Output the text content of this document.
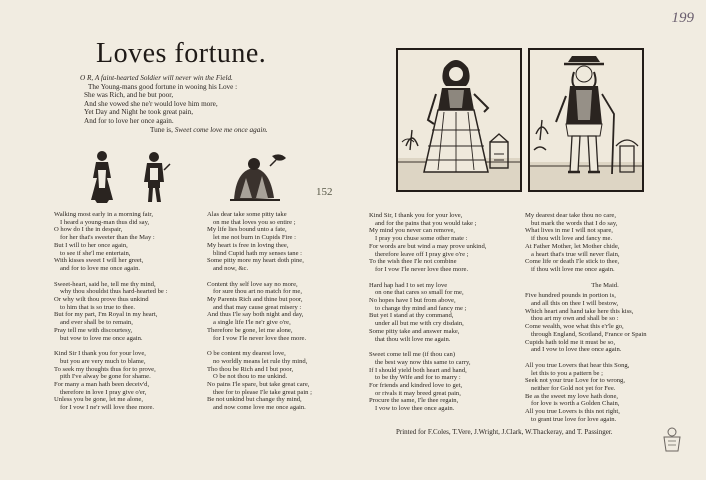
199
152
Loves fortune.
O R, A faint-hearted Soldier will never win the Field.
The Young-mans good fortune in wooing his Love :
She was Rich, and he but poor,
And she vowed she ne'r would love him more,
Yet Day and Night he took great pain,
And for to love her once again.
Tune is, Sweet come love me once again.
Walking most early in a morning fair,
I heard a young-man thus did say,
O how do I the in despair,
for her that's sweeter than the May :
But I will to her once again,
to see if she'l me entertain,
With kisses sweet I will her greet,
and for to love me once again.
Sweet-heart, said he, tell me thy mind,
why thou shouldst thus hard-hearted be :
Or why wilt thou prove thus unkind
to him that is so true to thee.
But for my part, I'm Royal in my heart,
and ever shall be to remain,
Pray tell me with discourtesy,
but vow to love me once again.
Kind Sir I thank you for your love,
but you are very much to blame,
To seek my thoughts thus for to prove,
pith I've alway be gone for shame.
For many a man hath been deceiv'd,
therefore in love I pray give o'er,
Unless you be gone, let me alone,
for I vow I ne'r will love thee more.
Alas dear take some pitty take
on me that loves you so entire ;
My life lies bound unto a fate,
let me not burn in Cupids Fire :
My heart is free in loving thee,
blind Cupid hath my senses tane :
Some pitty more my heart doth pine,
and now, &c.
Content thy self love say no more,
for sure thou art no match for me,
My Parents Rich and thine but poor,
and that may cause great misery :
And thus I'le say both night and day,
a single life I'le ne'r give o're,
Therefore be gone, let me alone,
for I vow I'le never love thee more.
O be content my dearest love,
no worldly means let rule thy mind,
Tho thou be Rich and I but poor,
O be not thou to me unkind.
No pains I'le spare, but take great care,
thee for to please I'le take great pain ;
Be not unkind but change thy mind,
and now come love me once again.
Kind Sir, I thank you for your love,
and for the pains that you would take ;
My mind you never can remove,
I pray you chuse some other mate :
For words are but wind a may prove unkind,
therefore leave off I pray give o're ;
To the wish thee I'le not combine
for I vow I'le never love thee more.
Hard hap had I to set my love
on one that cares so small for me,
No hopes have I but from above,
to change thy mind and fancy me ;
But yet I stand at thy command,
under all but me with cry disdain,
Some pitty take and answer make,
that thou wilt love me again.
Sweet come tell me (if thou can)
the best way now this same to carry,
If I should yield both heart and hand,
to be thy Wife and for to marry :
For friends and kindred love to get,
or rivals it may breed great pain,
Procure the same, I'le thee regain,
I vow to love thee once again.
My dearest dear take thou no care,
but mark the words that I do say,
What lives in me I will not spare,
if thou wilt love and fancy me.
At Father Mother, let Mother chide,
a heart that's true will never flain,
Come life or death I'le stick to thee,
if thou wilt love me once again.
The Maid.
Five hundred pounds in portion is,
and all this on thee I will bestow,
Which heart and hand take here this kiss,
thou art my own and shall be so :
Come wealth, woe what this e'r'le go,
through England, Scotland, France or Spain
Cupids hath told me it must be so,
and I vow to love thee once again.
All you true Lovers that hear this Song,
let this to you a pattern be ;
Seek not your true Love for to wrong,
neither for Gold not yet for Fee.
Be as the sweet my love hath done,
for love is worth a Golden Chain,
All you true Lovers is this not right,
to grant true love for love again.
Printed for F.Coles, T.Vere, J.Wright, J.Clark, W.Thackeray, and T. Passinger.
